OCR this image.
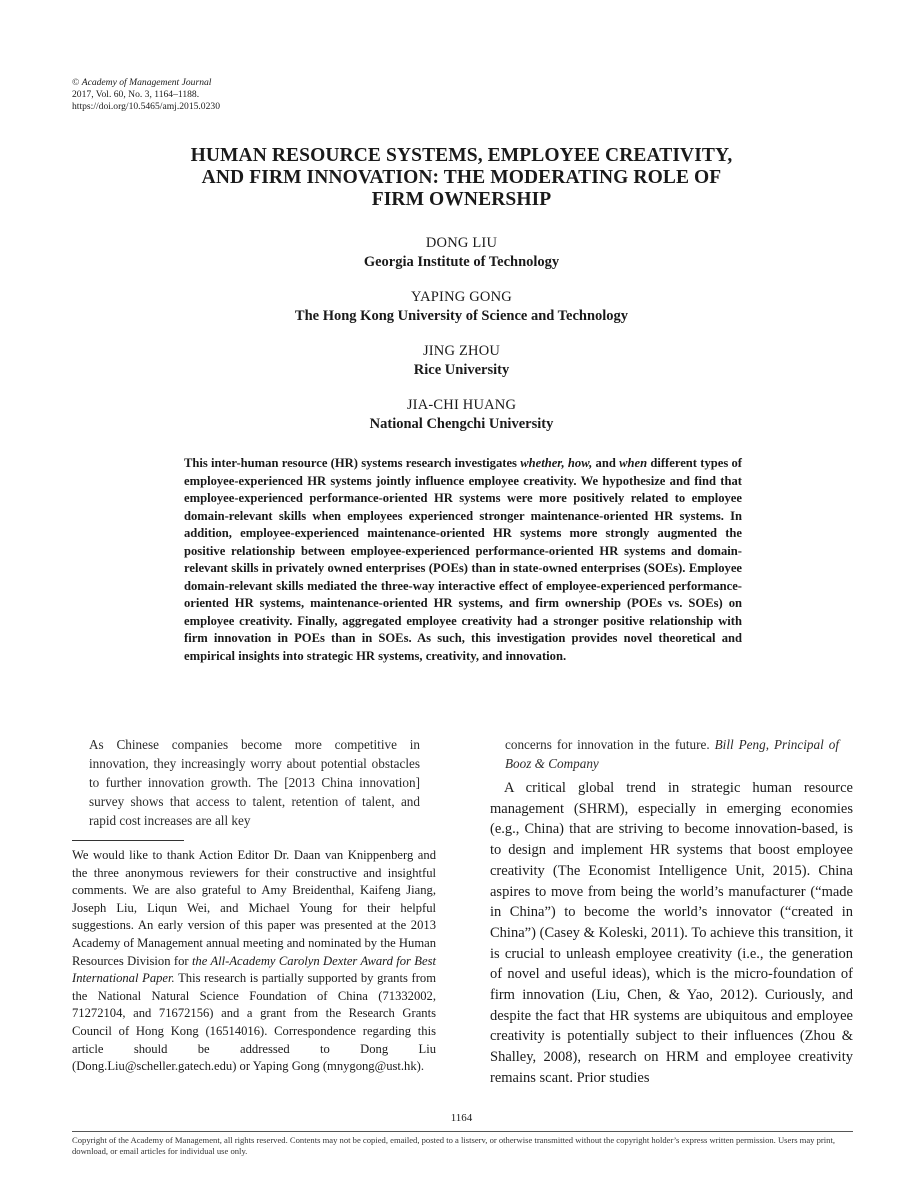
© Academy of Management Journal
2017, Vol. 60, No. 3, 1164–1188.
https://doi.org/10.5465/amj.2015.0230
HUMAN RESOURCE SYSTEMS, EMPLOYEE CREATIVITY,
AND FIRM INNOVATION: THE MODERATING ROLE OF
FIRM OWNERSHIP
DONG LIU
Georgia Institute of Technology
YAPING GONG
The Hong Kong University of Science and Technology
JING ZHOU
Rice University
JIA-CHI HUANG
National Chengchi University
This inter-human resource (HR) systems research investigates whether, how, and when different types of employee-experienced HR systems jointly influence employee creativity. We hypothesize and find that employee-experienced performance-oriented HR systems were more positively related to employee domain-relevant skills when employees experienced stronger maintenance-oriented HR systems. In addition, employee-experienced maintenance-oriented HR systems more strongly augmented the positive relationship between employee-experienced performance-oriented HR systems and domain-relevant skills in privately owned enterprises (POEs) than in state-owned enterprises (SOEs). Employee domain-relevant skills mediated the three-way interactive effect of employee-experienced performance-oriented HR systems, maintenance-oriented HR systems, and firm ownership (POEs vs. SOEs) on employee creativity. Finally, aggregated employee creativity had a stronger positive relationship with firm innovation in POEs than in SOEs. As such, this investigation provides novel theoretical and empirical insights into strategic HR systems, creativity, and innovation.
As Chinese companies become more competitive in innovation, they increasingly worry about potential obstacles to further innovation growth. The [2013 China innovation] survey shows that access to talent, retention of talent, and rapid cost increases are all key
We would like to thank Action Editor Dr. Daan van Knippenberg and the three anonymous reviewers for their constructive and insightful comments. We are also grateful to Amy Breidenthal, Kaifeng Jiang, Joseph Liu, Liqun Wei, and Michael Young for their helpful suggestions. An early version of this paper was presented at the 2013 Academy of Management annual meeting and nominated by the Human Resources Division for the All-Academy Carolyn Dexter Award for Best International Paper. This research is partially supported by grants from the National Natural Science Foundation of China (71332002, 71272104, and 71672156) and a grant from the Research Grants Council of Hong Kong (16514016). Correspondence regarding this article should be addressed to Dong Liu (Dong.Liu@scheller.gatech.edu) or Yaping Gong (mnygong@ust.hk).
concerns for innovation in the future. Bill Peng, Principal of Booz & Company

A critical global trend in strategic human resource management (SHRM), especially in emerging economies (e.g., China) that are striving to become innovation-based, is to design and implement HR systems that boost employee creativity (The Economist Intelligence Unit, 2015). China aspires to move from being the world’s manufacturer (“made in China”) to become the world’s innovator (“created in China”) (Casey & Koleski, 2011). To achieve this transition, it is crucial to unleash employee creativity (i.e., the generation of novel and useful ideas), which is the micro-foundation of firm innovation (Liu, Chen, & Yao, 2012). Curiously, and despite the fact that HR systems are ubiquitous and employee creativity is potentially subject to their influences (Zhou & Shalley, 2008), research on HRM and employee creativity remains scant. Prior studies

1164
Copyright of the Academy of Management, all rights reserved. Contents may not be copied, emailed, posted to a listserv, or otherwise transmitted without the copyright holder’s express written permission. Users may print, download, or email articles for individual use only.
